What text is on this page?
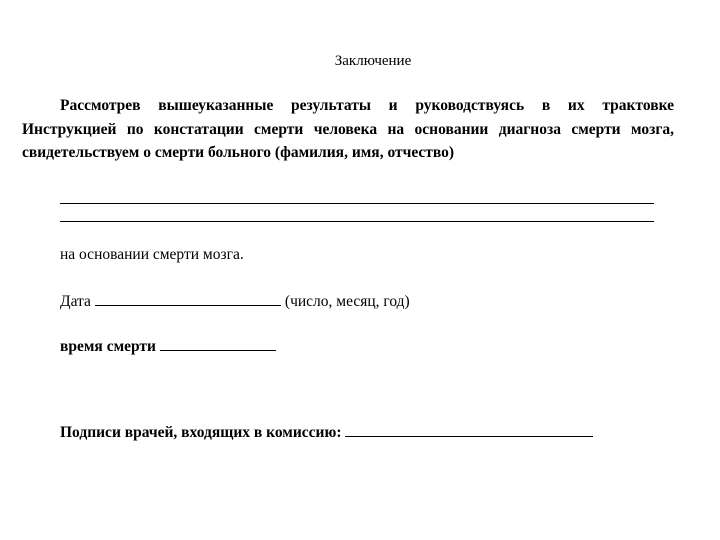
Заключение

Рассмотрев вышеуказанные результаты и руководствуясь в их трактовке Инструкцией по констатации смерти человека на основании диагноза смерти мозга, свидетельствуем о смерти больного (фамилия, имя, отчество)

на основании смерти мозга.
Дата	(число, месяц, год)
время смерти
Подписи врачей, входящих в комиссию:
